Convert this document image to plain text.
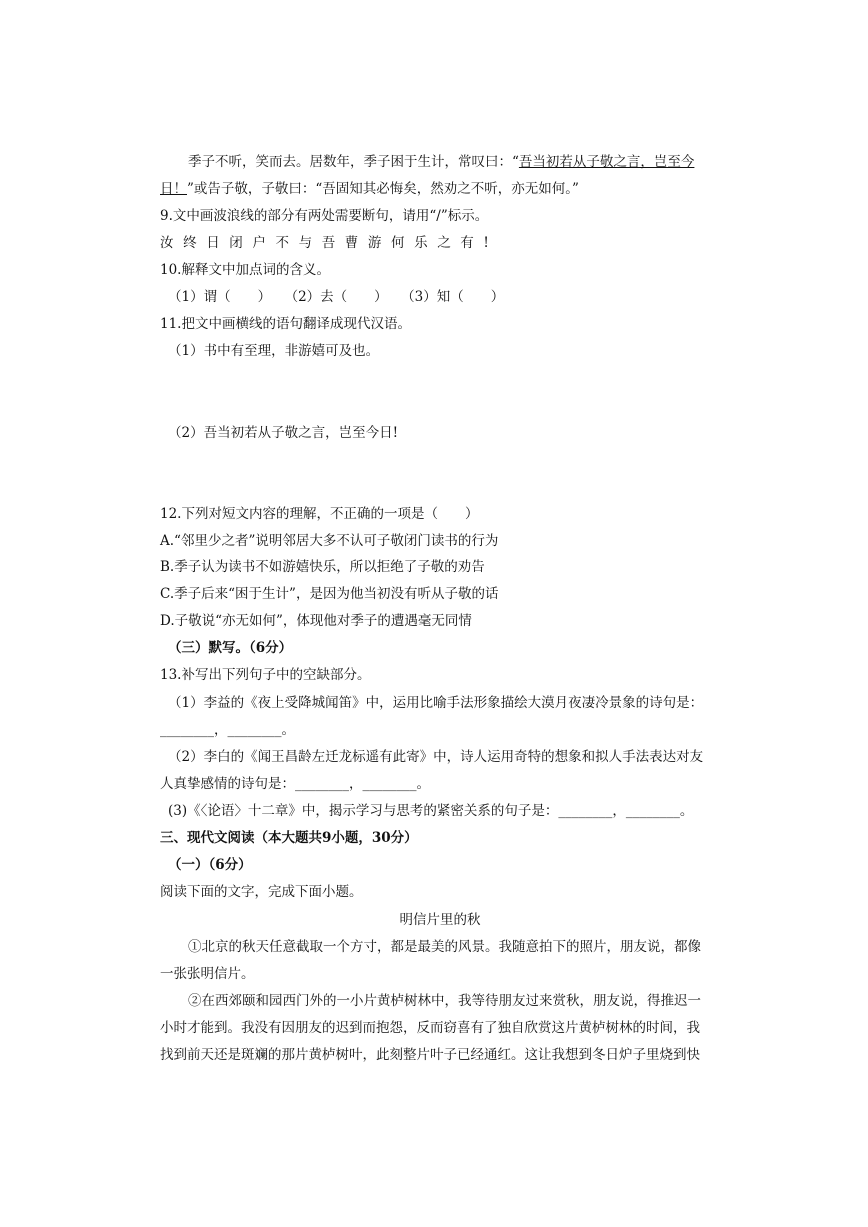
季子不听，笑而去。居数年，季子困于生计，常叹曰：“吾当初若从子敬之言，岂至今
日！”或告子敬，子敬曰：“吾固知其必悔矣，然劝之不听，亦无如何。”
9.文中画波浪线的部分有两处需要断句，请用“/”标示。
汝终日闭户不与吾曹游何乐之有!
10.解释文中加点词的含义。
（1）谓（　　）　　（2）去（　　）　　（3）知（　　）
11.把文中画横线的语句翻译成现代汉语。
（1）书中有至理，非游嬉可及也。
（2）吾当初若从子敬之言，岂至今日!
12.下列对短文内容的理解，不正确的一项是（　　）
A.“邻里少之者”说明邻居大多不认可子敬闭门读书的行为
B.季子认为读书不如游嬉快乐，所以拒绝了子敬的劝告
C.季子后来“困于生计”，是因为他当初没有听从子敬的话
D.子敬说“亦无如何”，体现他对季子的遭遇毫无同情
（三）默写。（6分）
13.补写出下列句子中的空缺部分。
（1）李益的《夜上受降城闻笛》中，运用比喻手法形象描绘大漠月夜凄冷景象的诗句是：
________，________。
（2）李白的《闻王昌龄左迁龙标遥有此寄》中，诗人运用奇特的想象和拟人手法表达对友
人真挚感情的诗句是：________，________。
(3)《〈论语〉十二章》中，揭示学习与思考的紧密关系的句子是：________，________。
三、现代文阅读（本大题共9小题，30分）
（一）（6分）
阅读下面的文字，完成下面小题。
明信片里的秋
①北京的秋天任意截取一个方寸，都是最美的风景。我随意拍下的照片，朋友说，都像
一张张明信片。
②在西郊颐和园西门外的一小片黄栌树林中，我等待朋友过来赏秋，朋友说，得推迟一
小时才能到。我没有因朋友的迟到而抱怨，反而窃喜有了独自欣赏这片黄栌树林的时间，我
找到前天还是斑斓的那片黄栌树叶，此刻整片叶子已经通红。这让我想到冬日炉子里烧到快
